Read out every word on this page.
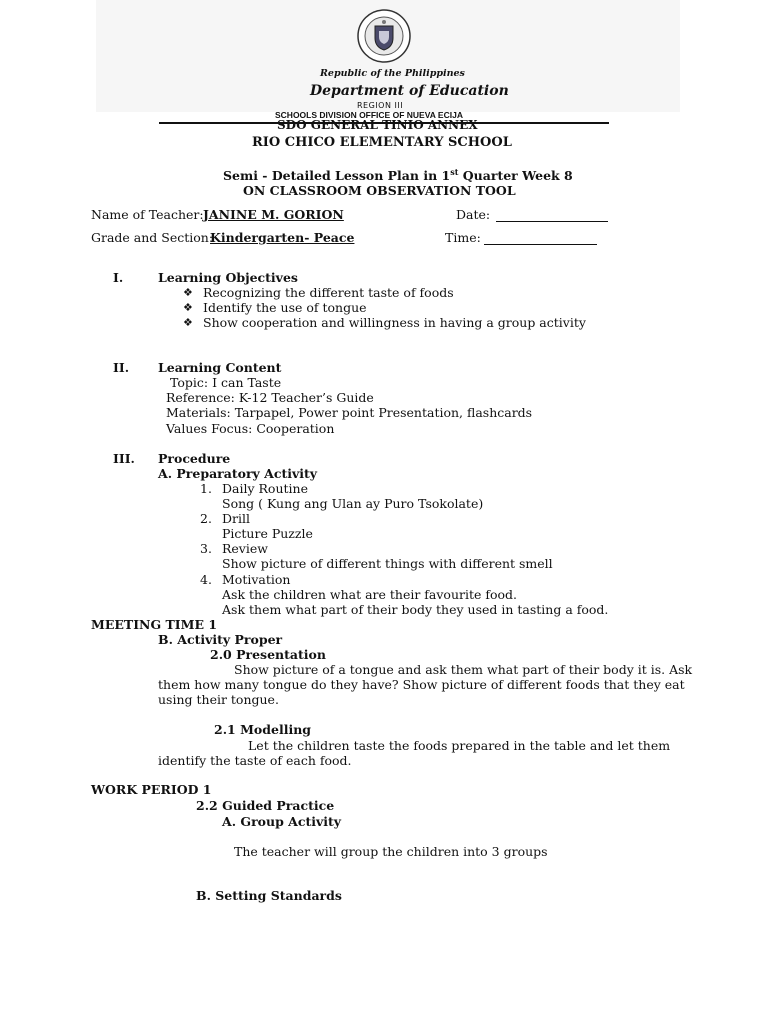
Republic of the Philippines
Department of Education
REGION III
SCHOOLS DIVISION OFFICE OF NUEVA ECIJA
SDO GENERAL TINIO ANNEX
RIO CHICO ELEMENTARY SCHOOL
Semi - Detailed Lesson Plan in 1st Quarter Week 8
ON CLASSROOM OBSERVATION TOOL
Name of Teacher: JANINE M. GORION	Date:
Grade and Section:
Kindergarten- Peace	Time:
I.	Learning Objectives
❖ Recognizing the different taste of foods
❖ Identify the use of tongue
❖ Show cooperation and willingness in having a group activity
II. Learning Content
Topic: I can Taste
Reference: K-12 Teacher’s Guide
Materials: Tarpapel, Power point Presentation, flashcards
Values Focus: Cooperation
III. Procedure
A. Preparatory Activity
1. Daily Routine
Song ( Kung ang Ulan ay Puro Tsokolate)
2. Drill
Picture Puzzle
3. Review
Show picture of different things with different smell
4. Motivation
Ask the children what are their favourite food.
Ask them what part of their body they used in tasting a food.
MEETING TIME 1
B. Activity Proper
2.0 Presentation
Show picture of a tongue and ask them what part of their body it is. Ask
them how many tongue do they have? Show picture of different foods that they eat
using their tongue.
2.1 Modelling
Let the children taste the foods prepared in the table and let them
identify the taste of each food.
WORK PERIOD 1
2.2 Guided Practice
A. Group Activity
The teacher will group the children into 3 groups
B. Setting Standards
